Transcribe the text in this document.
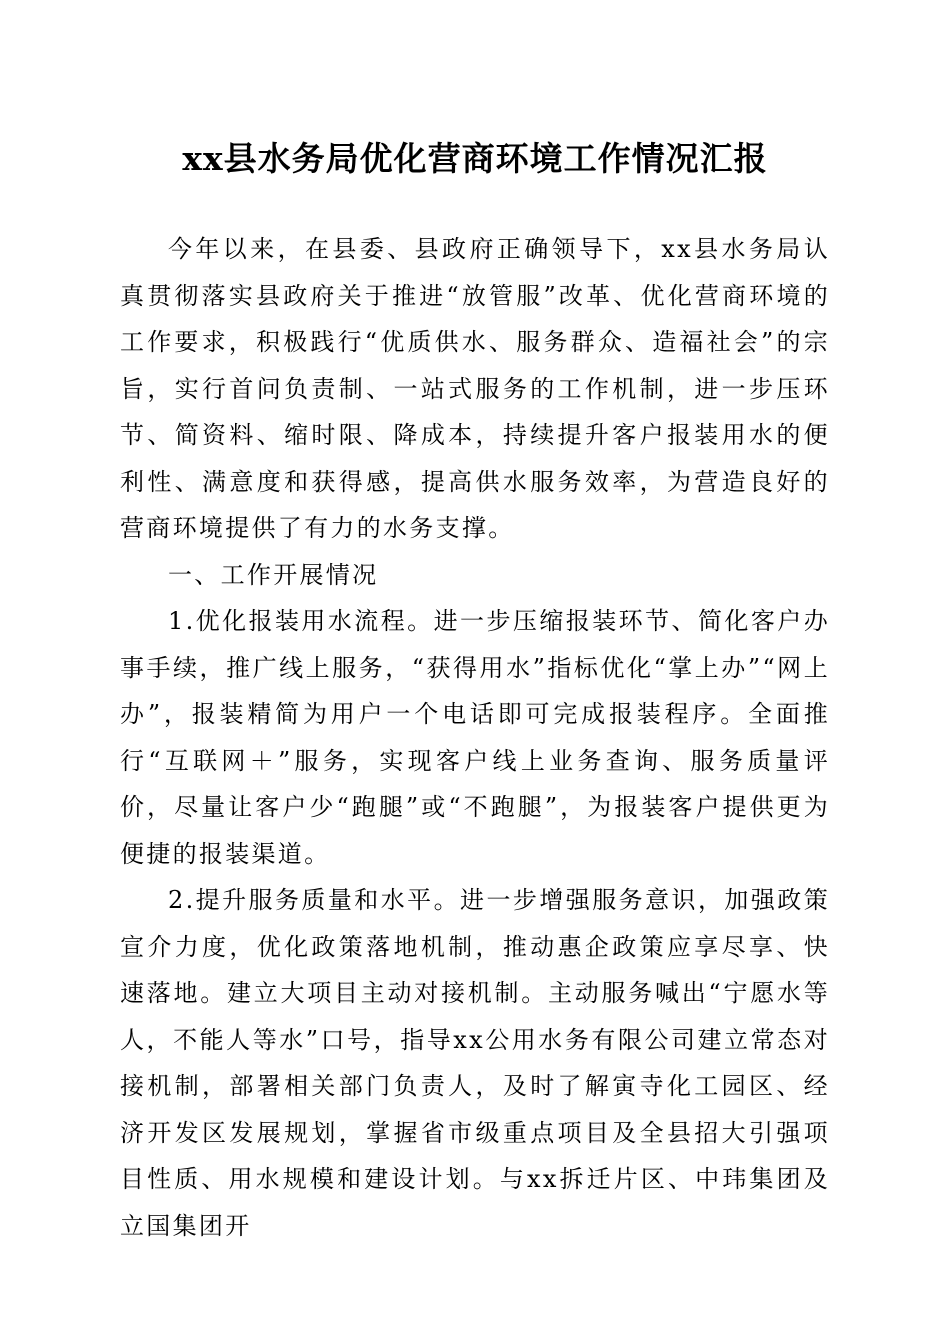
xx县水务局优化营商环境工作情况汇报

今年以来，在县委、县政府正确领导下，xx县水务局认真贯彻落实县政府关于推进“放管服”改革、优化营商环境的工作要求，积极践行“优质供水、服务群众、造福社会”的宗旨，实行首问负责制、一站式服务的工作机制，进一步压环节、简资料、缩时限、降成本，持续提升客户报装用水的便利性、满意度和获得感，提高供水服务效率，为营造良好的营商环境提供了有力的水务支撑。

一、工作开展情况

1.优化报装用水流程。进一步压缩报装环节、简化客户办事手续，推广线上服务，“获得用水”指标优化“掌上办”“网上办”，报装精简为用户一个电话即可完成报装程序。全面推行“互联网＋”服务，实现客户线上业务查询、服务质量评价，尽量让客户少“跑腿”或“不跑腿”，为报装客户提供更为便捷的报装渠道。

2.提升服务质量和水平。进一步增强服务意识，加强政策宣介力度，优化政策落地机制，推动惠企政策应享尽享、快速落地。建立大项目主动对接机制。主动服务喊出“宁愿水等人，不能人等水”口号，指导xx公用水务有限公司建立常态对接机制，部署相关部门负责人，及时了解寅寺化工园区、经济开发区发展规划，掌握省市级重点项目及全县招大引强项目性质、用水规模和建设计划。与xx拆迁片区、中玮集团及立国集团开
